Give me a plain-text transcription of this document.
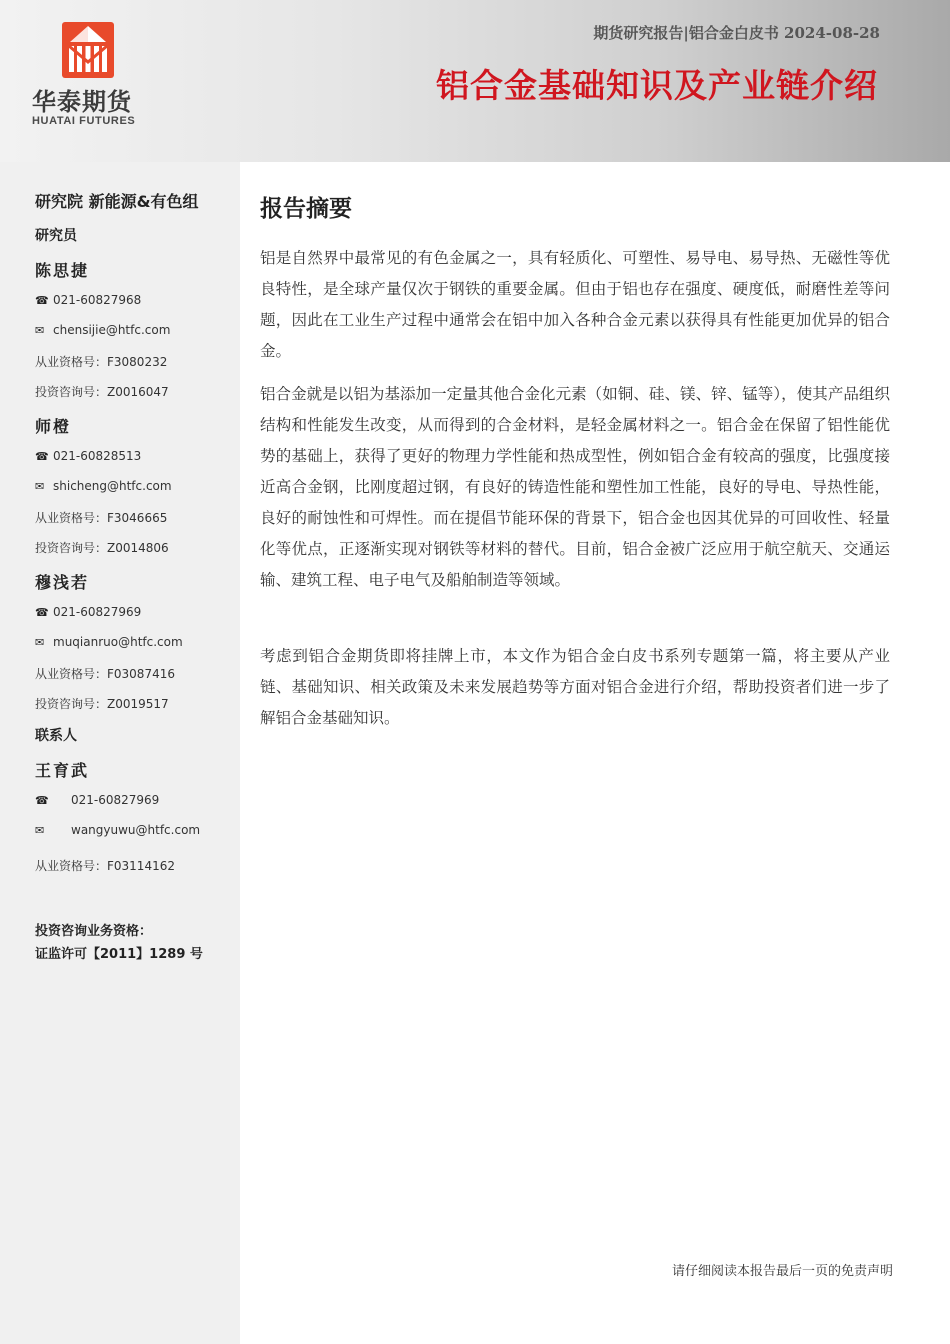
华泰期货
HUATAI FUTURES
期货研究报告|铝合金白皮书 2024-08-28
铝合金基础知识及产业链介绍
研究院 新能源&有色组
研究员
陈思捷
☎ 021-60827968
✉ chensijie@htfc.com
从业资格号：F3080232
投资咨询号：Z0016047
师橙
☎ 021-60828513
✉ shicheng@htfc.com
从业资格号：F3046665
投资咨询号：Z0014806
穆浅若
☎ 021-60827969
✉ muqianruo@htfc.com
从业资格号：F03087416
投资咨询号：Z0019517
联系人
王育武
☎	021-60827969
✉	wangyuwu@htfc.com
从业资格号：F03114162
投资咨询业务资格：
证监许可【2011】1289 号
报告摘要

铝是自然界中最常见的有色金属之一，具有轻质化、可塑性、易导电、易导热、无磁性等优良特性，是全球产量仅次于钢铁的重要金属。但由于铝也存在强度、硬度低，耐磨性差等问题，因此在工业生产过程中通常会在铝中加入各种合金元素以获得具有性能更加优异的铝合金。

铝合金就是以铝为基添加一定量其他合金化元素（如铜、硅、镁、锌、锰等），使其产品组织结构和性能发生改变，从而得到的合金材料，是轻金属材料之一。铝合金在保留了铝性能优势的基础上，获得了更好的物理力学性能和热成型性，例如铝合金有较高的强度，比强度接近高合金钢，比刚度超过钢，有良好的铸造性能和塑性加工性能，良好的导电、导热性能，良好的耐蚀性和可焊性。而在提倡节能环保的背景下，铝合金也因其优异的可回收性、轻量化等优点，正逐渐实现对钢铁等材料的替代。目前，铝合金被广泛应用于航空航天、交通运输、建筑工程、电子电气及船舶制造等领域。

考虑到铝合金期货即将挂牌上市，本文作为铝合金白皮书系列专题第一篇，将主要从产业链、基础知识、相关政策及未来发展趋势等方面对铝合金进行介绍，帮助投资者们进一步了解铝合金基础知识。

请仔细阅读本报告最后一页的免责声明
